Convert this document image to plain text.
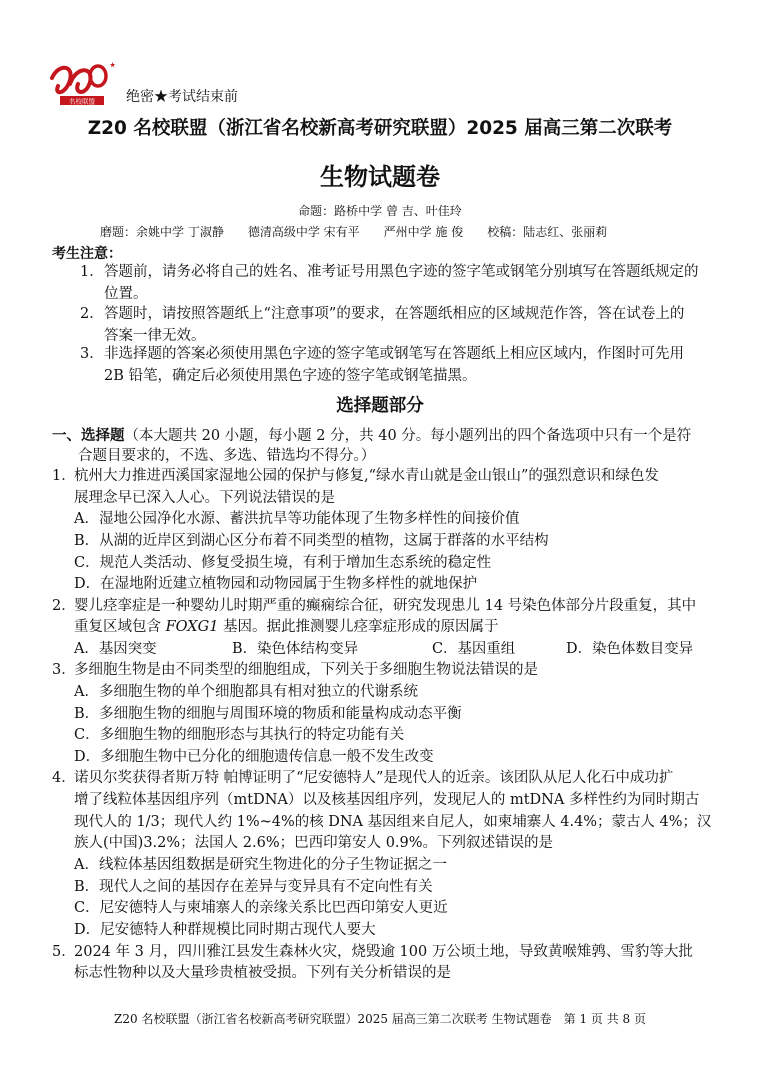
名校联盟 绝密★考试结束前
Z20 名校联盟（浙江省名校新高考研究联盟）2025 届高三第二次联考
生物试题卷
命题：路桥中学 曾 吉、叶佳玲
磨题：余姚中学 丁淑静　　德清高级中学 宋有平　　严州中学 施 俊　　校稿：陆志红、张丽莉
考生注意：
1． 答题前，请务必将自己的姓名、准考证号用黑色字迹的签字笔或钢笔分别填写在答题纸规定的
位置。
2． 答题时，请按照答题纸上“注意事项”的要求，在答题纸相应的区域规范作答，答在试卷上的
答案一律无效。
3． 非选择题的答案必须使用黑色字迹的签字笔或钢笔写在答题纸上相应区域内，作图时可先用
2B 铅笔，确定后必须使用黑色字迹的签字笔或钢笔描黑。
选择题部分
一、选择题（本大题共 20 小题，每小题 2 分，共 40 分。每小题列出的四个备选项中只有一个是符
合题目要求的，不选、多选、错选均不得分。）
1．
杭州大力推进西溪国家湿地公园的保护与修复,“绿水青山就是金山银山”的强烈意识和绿色发
展理念早已深入人心。下列说法错误的是
A．湿地公园净化水源、蓄洪抗旱等功能体现了生物多样性的间接价值
B．从湖的近岸区到湖心区分布着不同类型的植物，这属于群落的水平结构
C．规范人类活动、修复受损生境，有利于增加生态系统的稳定性
D．在湿地附近建立植物园和动物园属于生物多样性的就地保护
2．
婴儿痉挛症是一种婴幼儿时期严重的癫痫综合征，研究发现患儿 14 号染色体部分片段重复，其中
重复区域包含 FOXG1 基因。据此推测婴儿痉挛症形成的原因属于
A．基因突变	B．染色体结构变异	C．基因重组	D．染色体数目变异
3．
多细胞生物是由不同类型的细胞组成，下列关于多细胞生物说法错误的是
A．多细胞生物的单个细胞都具有相对独立的代谢系统
B．多细胞生物的细胞与周围环境的物质和能量构成动态平衡
C．多细胞生物的细胞形态与其执行的特定功能有关
D．多细胞生物中已分化的细胞遗传信息一般不发生改变
4．
诺贝尔奖获得者斯万特 帕博证明了“尼安德特人”是现代人的近亲。该团队从尼人化石中成功扩
增了线粒体基因组序列（mtDNA）以及核基因组序列，发现尼人的 mtDNA 多样性约为同时期古
现代人的 1/3；现代人约 1%~4%的核 DNA 基因组来自尼人，如柬埔寨人 4.4%；蒙古人 4%；汉
族人(中国)3.2%；法国人 2.6%；巴西印第安人 0.9%。下列叙述错误的是
A．线粒体基因组数据是研究生物进化的分子生物证据之一
B．现代人之间的基因存在差异与变异具有不定向性有关
C．尼安德特人与柬埔寨人的亲缘关系比巴西印第安人更近
D．尼安德特人种群规模比同时期古现代人要大
5．
2024 年 3 月，四川雅江县发生森林火灾，烧毁逾 100 万公顷土地，导致黄喉雉鹑、雪豹等大批
标志性物种以及大量珍贵植被受损。下列有关分析错误的是
Z20 名校联盟（浙江省名校新高考研究联盟）2025 届高三第二次联考 生物试题卷　第 1 页 共 8 页
